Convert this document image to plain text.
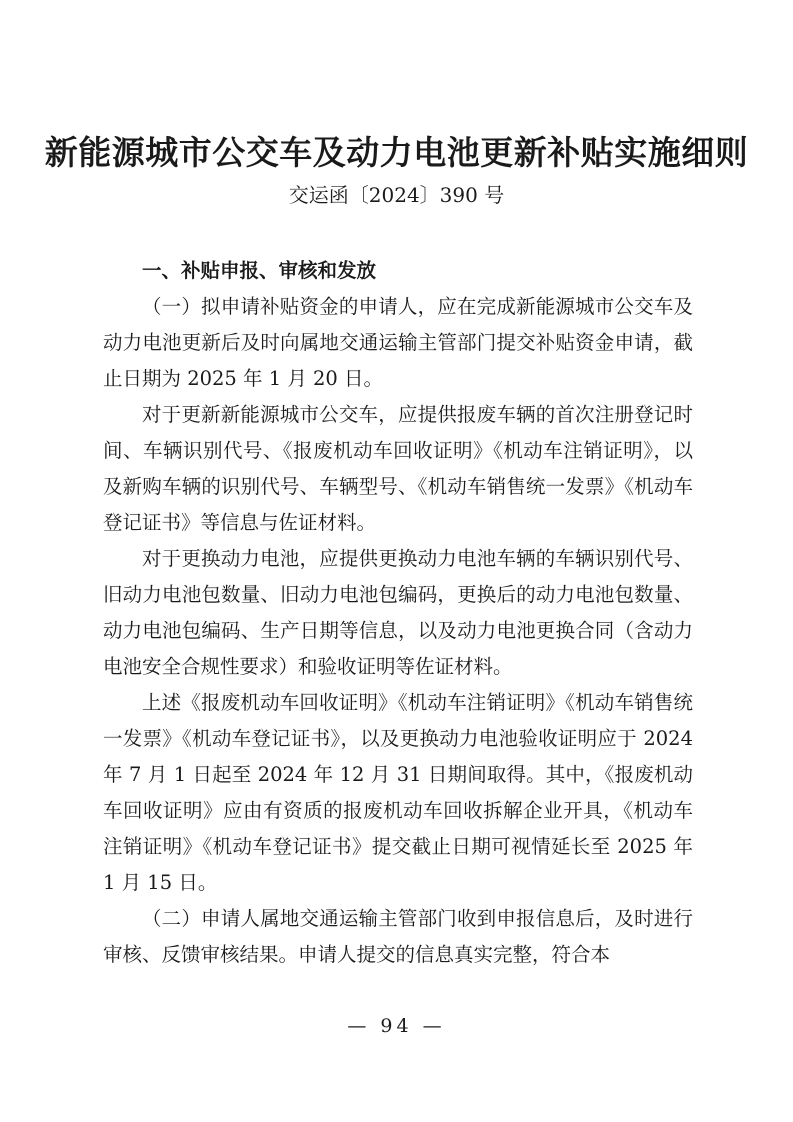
新能源城市公交车及动力电池更新补贴实施细则
交运函〔2024〕390 号
一、补贴申报、审核和发放

（一）拟申请补贴资金的申请人，应在完成新能源城市公交车及动力电池更新后及时向属地交通运输主管部门提交补贴资金申请，截止日期为 2025 年 1 月 20 日。

对于更新新能源城市公交车，应提供报废车辆的首次注册登记时间、车辆识别代号、《报废机动车回收证明》《机动车注销证明》，以及新购车辆的识别代号、车辆型号、《机动车销售统一发票》《机动车登记证书》等信息与佐证材料。

对于更换动力电池，应提供更换动力电池车辆的车辆识别代号、旧动力电池包数量、旧动力电池包编码，更换后的动力电池包数量、动力电池包编码、生产日期等信息，以及动力电池更换合同（含动力电池安全合规性要求）和验收证明等佐证材料。

上述《报废机动车回收证明》《机动车注销证明》《机动车销售统一发票》《机动车登记证书》，以及更换动力电池验收证明应于 2024 年 7 月 1 日起至 2024 年 12 月 31 日期间取得。其中，《报废机动车回收证明》应由有资质的报废机动车回收拆解企业开具，《机动车注销证明》《机动车登记证书》提交截止日期可视情延长至 2025 年 1 月 15 日。

（二）申请人属地交通运输主管部门收到申报信息后，及时进行审核、反馈审核结果。申请人提交的信息真实完整，符合本

— 94 —
